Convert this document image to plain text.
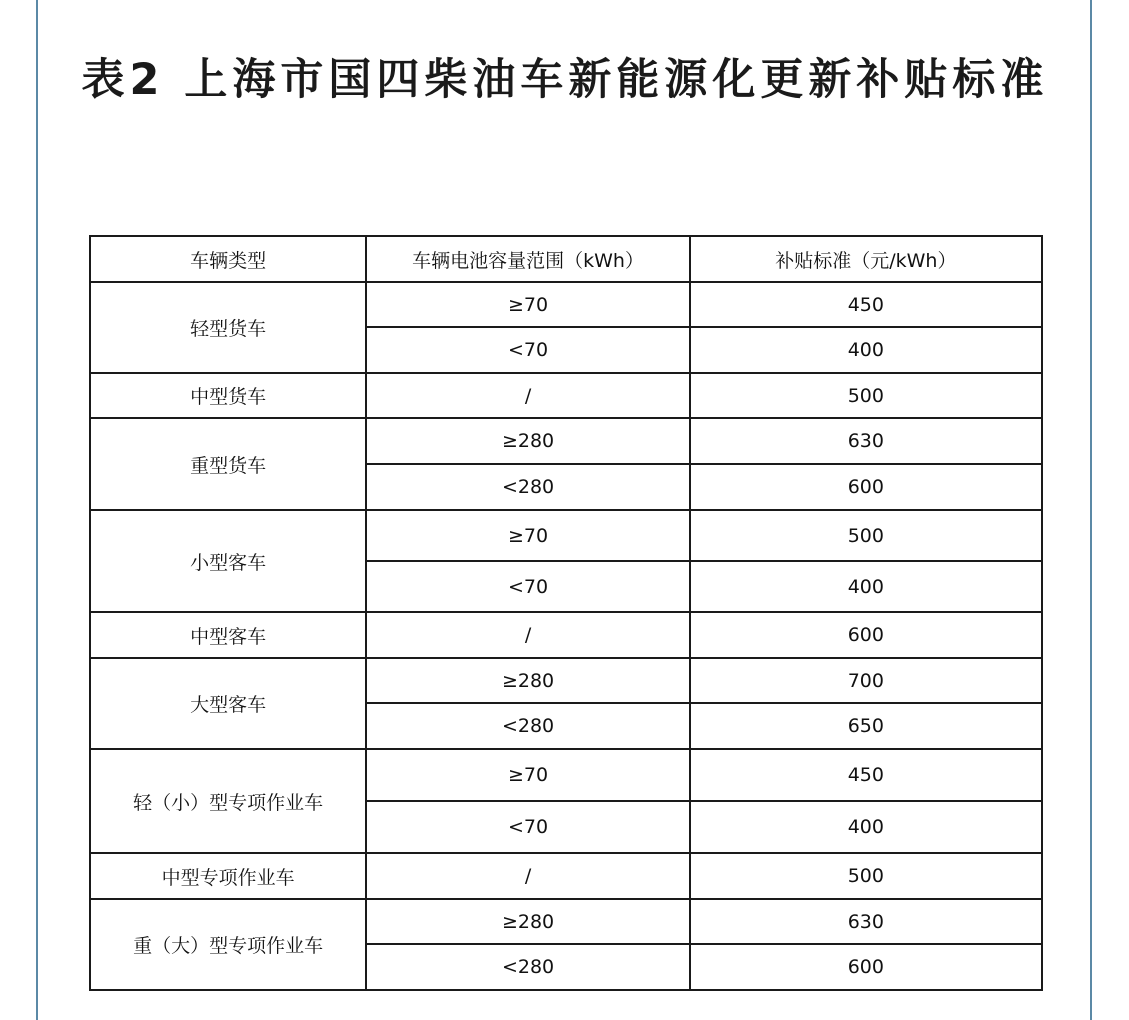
表2 上海市国四柴油车新能源化更新补贴标准
车辆类型	车辆电池容量范围（kWh）	补贴标准（元/kWh）
轻型货车	≥70	450
	<70	400
中型货车	/	500
重型货车	≥280	630
	<280	600
小型客车	≥70	500
	<70	400
中型客车	/	600
大型客车	≥280	700
	<280	650
轻（小）型专项作业车	≥70	450
	<70	400
中型专项作业车	/	500
重（大）型专项作业车	≥280	630
	<280	600
